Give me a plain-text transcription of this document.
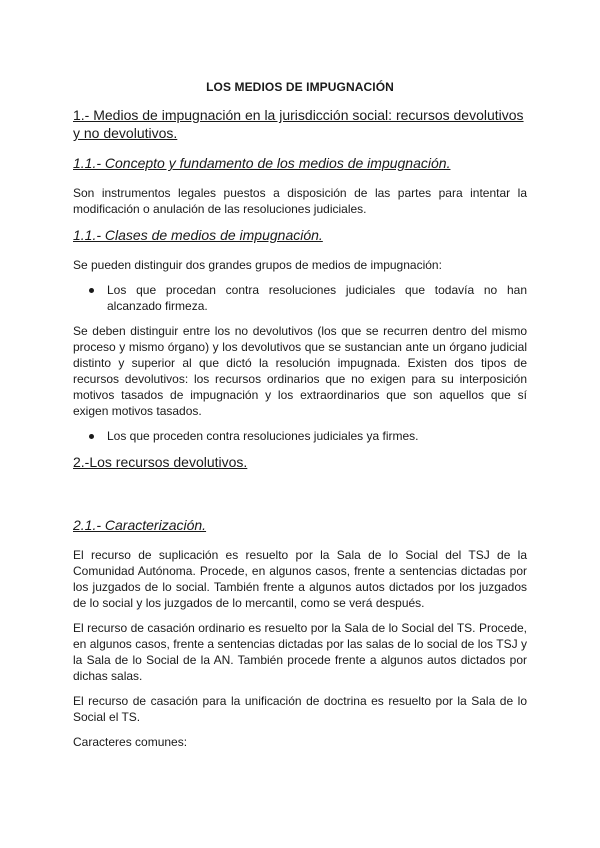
LOS MEDIOS DE IMPUGNACIÓN
1.- Medios de impugnación en la jurisdicción social: recursos devolutivos y no devolutivos.
1.1.- Concepto y fundamento de los medios de impugnación.
Son instrumentos legales puestos a disposición de las partes para intentar la modificación o anulación de las resoluciones judiciales.
1.1.- Clases de medios de impugnación.
Se pueden distinguir dos grandes grupos de medios de impugnación:
Los que procedan contra resoluciones judiciales que todavía no han alcanzado firmeza.
Se deben distinguir entre los no devolutivos (los que se recurren dentro del mismo proceso y mismo órgano) y los devolutivos que se sustancian ante un órgano judicial distinto y superior al que dictó la resolución impugnada. Existen dos tipos de recursos devolutivos: los recursos ordinarios que no exigen para su interposición motivos tasados de impugnación y los extraordinarios que son aquellos que sí exigen motivos tasados.
Los que proceden contra resoluciones judiciales ya firmes.
2.-Los recursos devolutivos.
2.1.- Caracterización.
El recurso de suplicación es resuelto por la Sala de lo Social del TSJ de la Comunidad Autónoma. Procede, en algunos casos, frente a sentencias dictadas por los juzgados de lo social. También frente a algunos autos dictados por los juzgados de lo social y los juzgados de lo mercantil, como se verá después.
El recurso de casación ordinario es resuelto por la Sala de lo Social del TS. Procede, en algunos casos, frente a sentencias dictadas por las salas de lo social de los TSJ y la Sala de lo Social de la AN. También procede frente a algunos autos dictados por dichas salas.
El recurso de casación para la unificación de doctrina es resuelto por la Sala de lo Social el TS.
Caracteres comunes:
